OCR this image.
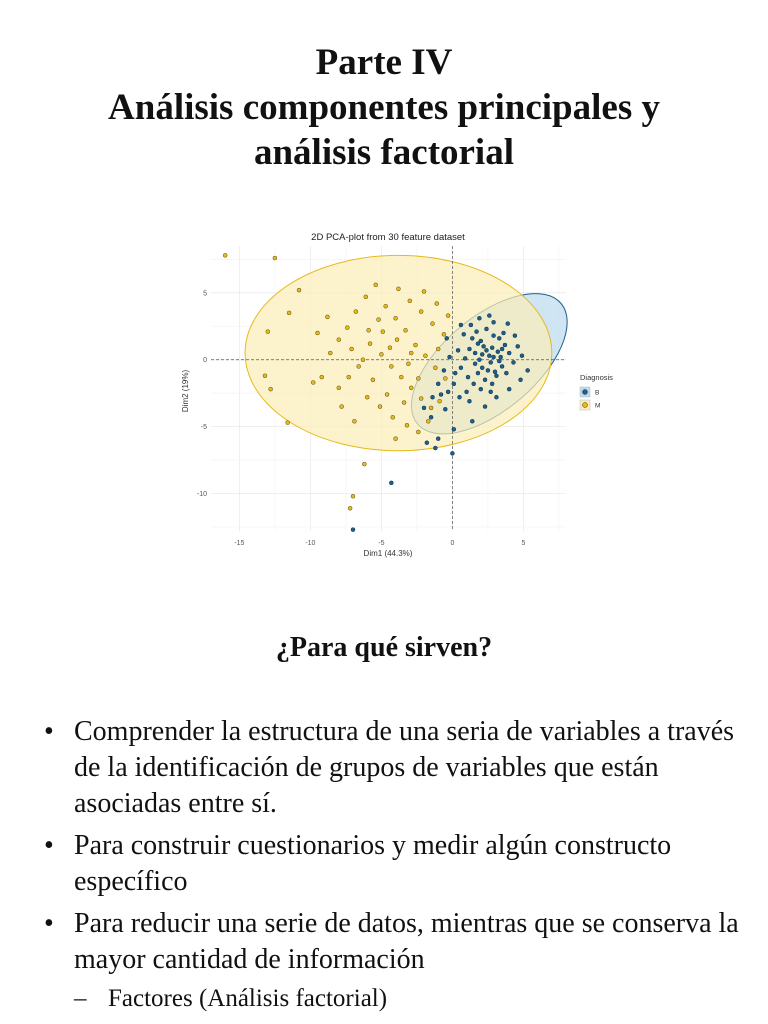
Parte IV
Análisis componentes principales y
análisis factorial
2D PCA-plot from 30 feature dataset
-15	-10	-5	0	5
5
0
-5
-10
Dim1 (44.3%)
Dim2 (19%)	Diagnosis
B
M
¿Para qué sirven?
• Comprender la estructura de una seria de variables a través de la identificación de grupos de variables que están asociadas entre sí.
• Para construir cuestionarios y medir algún constructo específico
• Para reducir una serie de datos, mientras que se conserva la mayor cantidad de información
– Factores (Análisis factorial)
